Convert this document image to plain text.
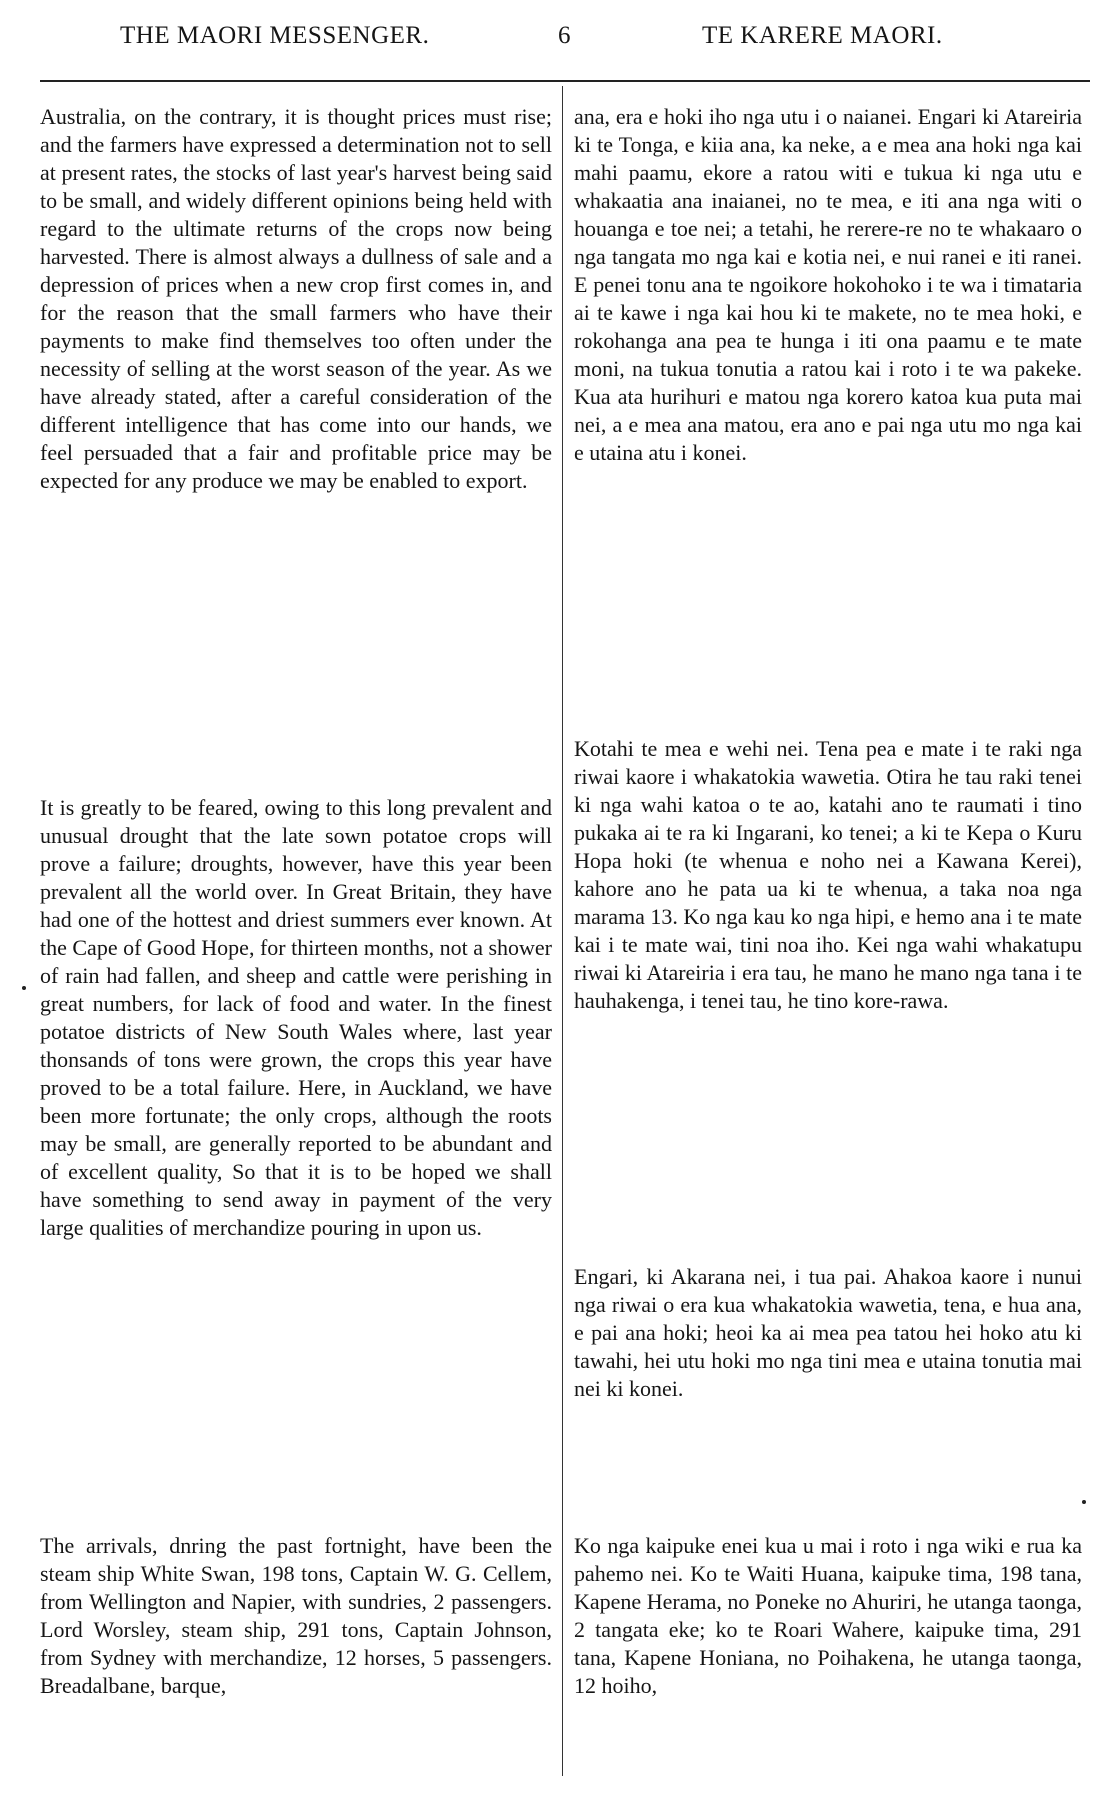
THE MAORI MESSENGER.	6	TE KARERE MAORI.

Australia, on the contrary, it is thought prices must rise; and the farmers have expressed a determination not to sell at present rates, the stocks of last year's harvest being said to be small, and widely different opinions being held with regard to the ultimate returns of the crops now being harvested. There is almost always a dullness of sale and a depression of prices when a new crop first comes in, and for the reason that the small farmers who have their payments to make find themselves too often under the necessity of selling at the worst season of the year. As we have already stated, after a careful consideration of the different intelligence that has come into our hands, we feel persuaded that a fair and profitable price may be expected for any produce we may be enabled to export.

It is greatly to be feared, owing to this long prevalent and unusual drought that the late sown potatoe crops will prove a failure; droughts, however, have this year been prevalent all the world over. In Great Britain, they have had one of the hottest and driest summers ever known. At the Cape of Good Hope, for thirteen months, not a shower of rain had fallen, and sheep and cattle were perishing in great numbers, for lack of food and water. In the finest potatoe districts of New South Wales where, last year thonsands of tons were grown, the crops this year have proved to be a total failure. Here, in Auckland, we have been more fortunate; the only crops, although the roots may be small, are generally reported to be abundant and of excellent quality, So that it is to be hoped we shall have something to send away in payment of the very large qualities of merchandize pouring in upon us.

The arrivals, dnring the past fortnight, have been the steam ship White Swan, 198 tons, Captain W. G. Cellem, from Wellington and Napier, with sundries, 2 passengers. Lord Worsley, steam ship, 291 tons, Captain Johnson, from Sydney with merchandize, 12 horses, 5 passengers. Breadalbane, barque,

ana, era e hoki iho nga utu i o naianei. Engari ki Atareiria ki te Tonga, e kiia ana, ka neke, a e mea ana hoki nga kai mahi paamu, ekore a ratou witi e tukua ki nga utu e whakaatia ana inaianei, no te mea, e iti ana nga witi o houanga e toe nei; a tetahi, he rerere-re no te whakaaro o nga tangata mo nga kai e kotia nei, e nui ranei e iti ranei. E penei tonu ana te ngoikore hokohoko i te wa i timataria ai te kawe i nga kai hou ki te makete, no te mea hoki, e rokohanga ana pea te hunga i iti ona paamu e te mate moni, na tukua tonutia a ratou kai i roto i te wa pakeke. Kua ata hurihuri e matou nga korero katoa kua puta mai nei, a e mea ana matou, era ano e pai nga utu mo nga kai e utaina atu i konei.

Kotahi te mea e wehi nei. Tena pea e mate i te raki nga riwai kaore i whakatokia wawetia. Otira he tau raki tenei ki nga wahi katoa o te ao, katahi ano te raumati i tino pukaka ai te ra ki Ingarani, ko tenei; a ki te Kepa o Kuru Hopa hoki (te whenua e noho nei a Kawana Kerei), kahore ano he pata ua ki te whenua, a taka noa nga marama 13. Ko nga kau ko nga hipi, e hemo ana i te mate kai i te mate wai, tini noa iho. Kei nga wahi whakatupu riwai ki Atareiria i era tau, he mano he mano nga tana i te hauhakenga, i tenei tau, he tino kore-rawa.

Engari, ki Akarana nei, i tua pai. Ahakoa kaore i nunui nga riwai o era kua whakatokia wawetia, tena, e hua ana, e pai ana hoki; heoi ka ai mea pea tatou hei hoko atu ki tawahi, hei utu hoki mo nga tini mea e utaina tonutia mai nei ki konei.

Ko nga kaipuke enei kua u mai i roto i nga wiki e rua ka pahemo nei. Ko te Waiti Huana, kaipuke tima, 198 tana, Kapene Herama, no Poneke no Ahuriri, he utanga taonga, 2 tangata eke; ko te Roari Wahere, kaipuke tima, 291 tana, Kapene Honiana, no Poihakena, he utanga taonga, 12 hoiho,
